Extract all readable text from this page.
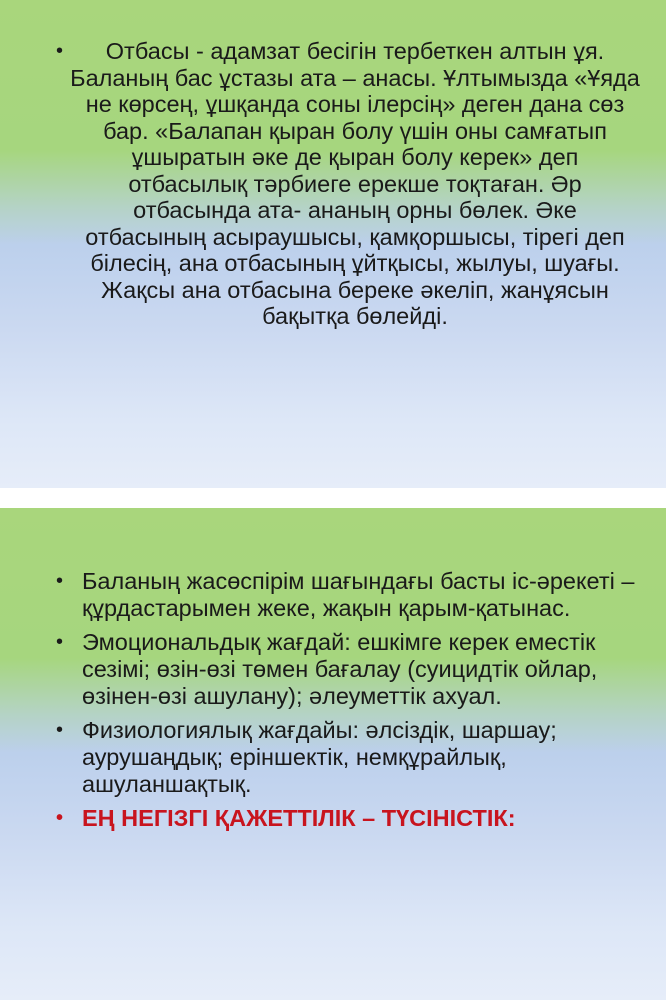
•	Отбасы - адамзат бесігін тербеткен алтын ұя. Баланың бас ұстазы ата – анасы. Ұлтымызда «Ұяда не көрсең, ұшқанда соны ілерсің» деген дана сөз бар. «Балапан қыран болу үшін оны самғатып ұшыратын әке де қыран болу керек» деп отбасылық тәрбиеге ерекше тоқтаған. Әр отбасында ата- ананың орны бөлек. Әке отбасының асыраушысы, қамқоршысы, тірегі деп білесің, ана отбасының ұйтқысы, жылуы, шуағы. Жақсы ана отбасына береке әкеліп, жанұясын бақытқа бөлейді.
• Баланың жасөспірім шағындағы басты іс-әрекеті – құрдастарымен жеке, жақын қарым-қатынас.
• Эмоциональдық жағдай: ешкімге керек еместік сезімі; өзін-өзі төмен бағалау (суицидтік ойлар, өзінен-өзі ашулану); әлеуметтік ахуал.
• Физиологиялық жағдайы: әлсіздік, шаршау; аурушаңдық; еріншектік, немқұрайлық, ашуланшақтық.
• ЕҢ НЕГІЗГІ ҚАЖЕТТІЛІК – ТҮСІНІСТІК:
